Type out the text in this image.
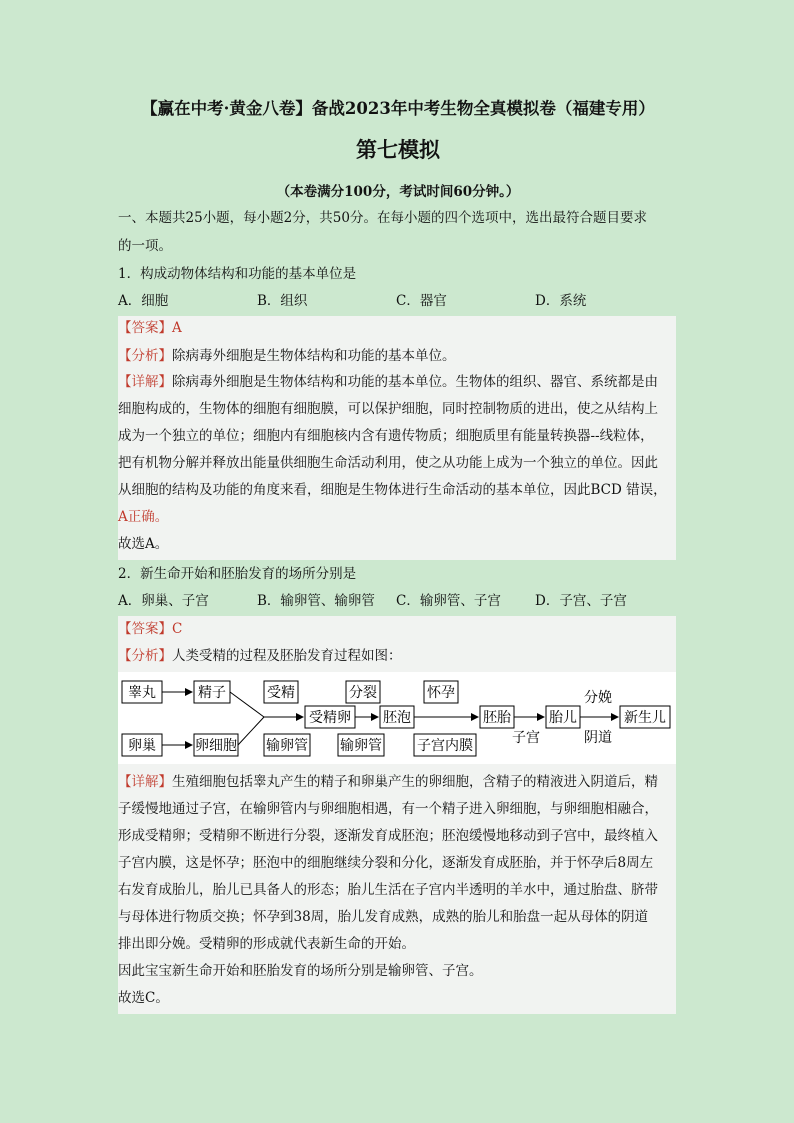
【赢在中考·黄金八卷】备战2023年中考生物全真模拟卷（福建专用）
第七模拟
（本卷满分100分，考试时间60分钟。）
一、本题共25小题，每小题2分，共50分。在每小题的四个选项中，选出最符合题目要求
的一项。
1．构成动物体结构和功能的基本单位是
A．细胞	B．组织	C．器官	D．系统
【答案】A
【分析】除病毒外细胞是生物体结构和功能的基本单位。
【详解】除病毒外细胞是生物体结构和功能的基本单位。生物体的组织、器官、系统都是由
细胞构成的，生物体的细胞有细胞膜，可以保护细胞，同时控制物质的进出，使之从结构上
成为一个独立的单位；细胞内有细胞核内含有遗传物质；细胞质里有能量转换器--线粒体，
把有机物分解并释放出能量供细胞生命活动利用，使之从功能上成为一个独立的单位。因此
从细胞的结构及功能的角度来看，细胞是生物体进行生命活动的基本单位，因此BCD 错误，
A正确。
故选A。
2．新生命开始和胚胎发育的场所分别是
A．卵巢、子宫	B．输卵管、输卵管 C．输卵管、子宫	D．子宫、子宫
【答案】C
【分析】人类受精的过程及胚胎发育过程如图：
睾丸	精子
卵巢	卵细胞
受精
输卵管
受精卵
分裂
输卵管
胚泡
怀孕
子宫内膜
胚胎
子宫
胎儿
分娩
阴道
新生儿
【详解】生殖细胞包括睾丸产生的精子和卵巢产生的卵细胞，含精子的精液进入阴道后，精
子缓慢地通过子宫，在输卵管内与卵细胞相遇，有一个精子进入卵细胞，与卵细胞相融合，
形成受精卵；受精卵不断进行分裂，逐渐发育成胚泡；胚泡缓慢地移动到子宫中，最终植入
子宫内膜，这是怀孕；胚泡中的细胞继续分裂和分化，逐渐发育成胚胎，并于怀孕后8周左
右发育成胎儿，胎儿已具备人的形态；胎儿生活在子宫内半透明的羊水中，通过胎盘、脐带
与母体进行物质交换；怀孕到38周，胎儿发育成熟，成熟的胎儿和胎盘一起从母体的阴道
排出即分娩。受精卵的形成就代表新生命的开始。
因此宝宝新生命开始和胚胎发育的场所分别是输卵管、子宫。
故选C。
